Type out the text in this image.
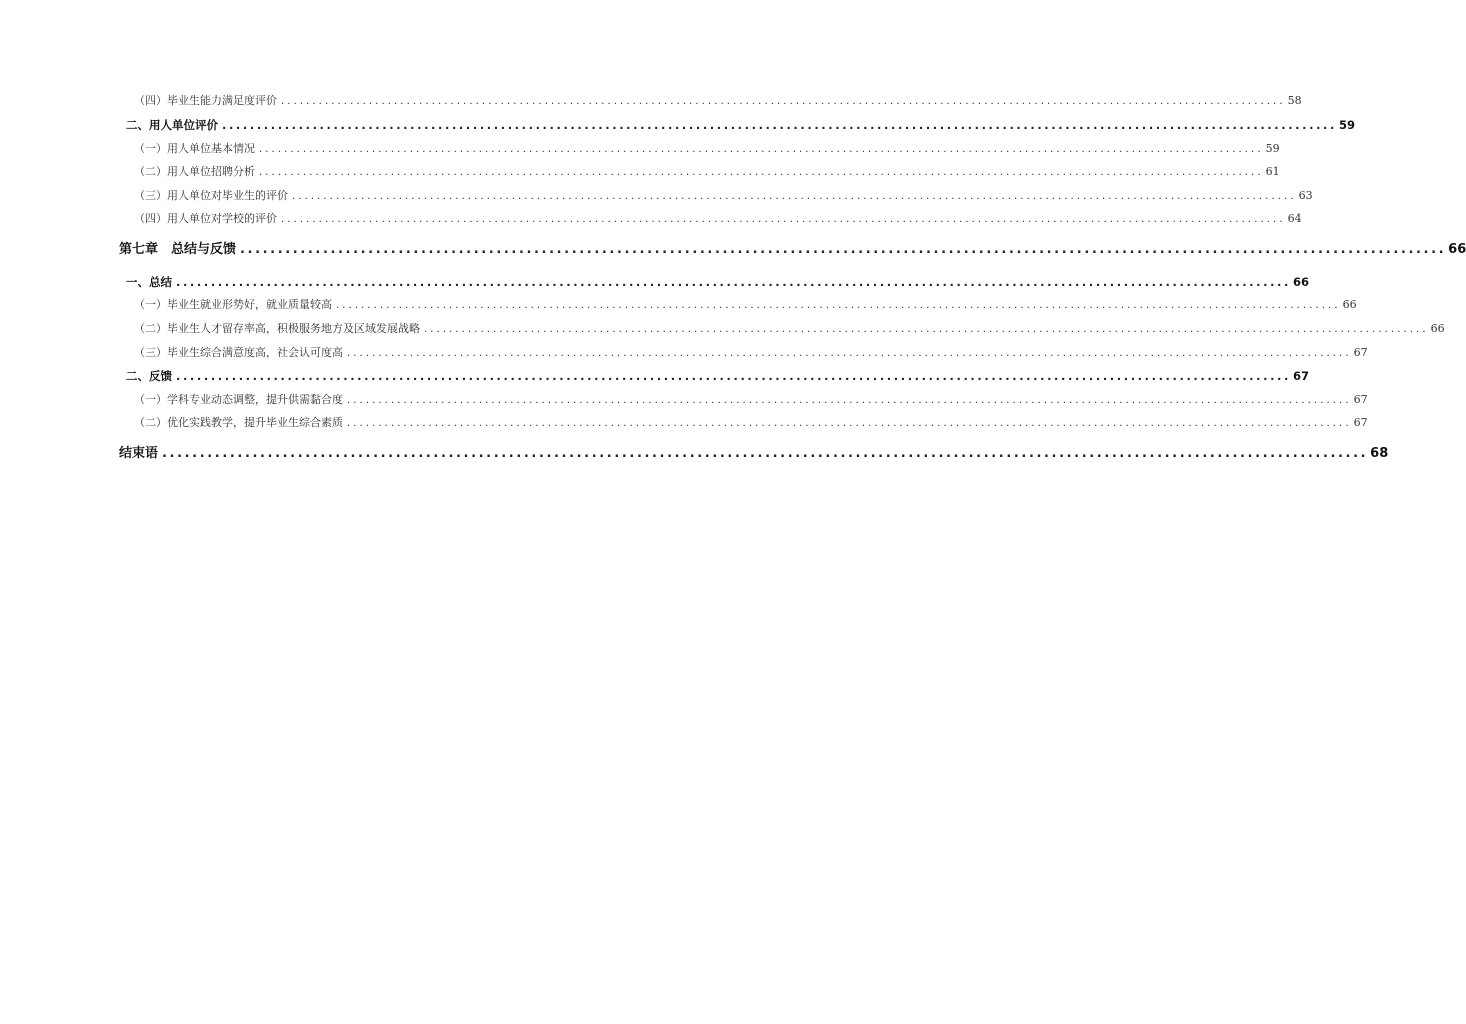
（四）毕业生能力满足度评价 ................................................................................................................................................................ 58
二、用人单位评价 ................................................................................................................................................................ 59
（一）用人单位基本情况 ................................................................................................................................................................ 59
（二）用人单位招聘分析 ................................................................................................................................................................ 61
（三）用人单位对毕业生的评价 ................................................................................................................................................................ 63
（四）用人单位对学校的评价 ................................................................................................................................................................ 64
第七章　总结与反馈 ................................................................................................................................................................ 66
一、总结 ................................................................................................................................................................ 66
（一）毕业生就业形势好，就业质量较高 ................................................................................................................................................................ 66
（二）毕业生人才留存率高，积极服务地方及区域发展战略 ................................................................................................................................................................ 66
（三）毕业生综合满意度高，社会认可度高 ................................................................................................................................................................ 67
二、反馈 ................................................................................................................................................................ 67
（一）学科专业动态调整，提升供需黏合度 ................................................................................................................................................................ 67
（二）优化实践教学，提升毕业生综合素质 ................................................................................................................................................................ 67
结束语 ................................................................................................................................................................ 68
